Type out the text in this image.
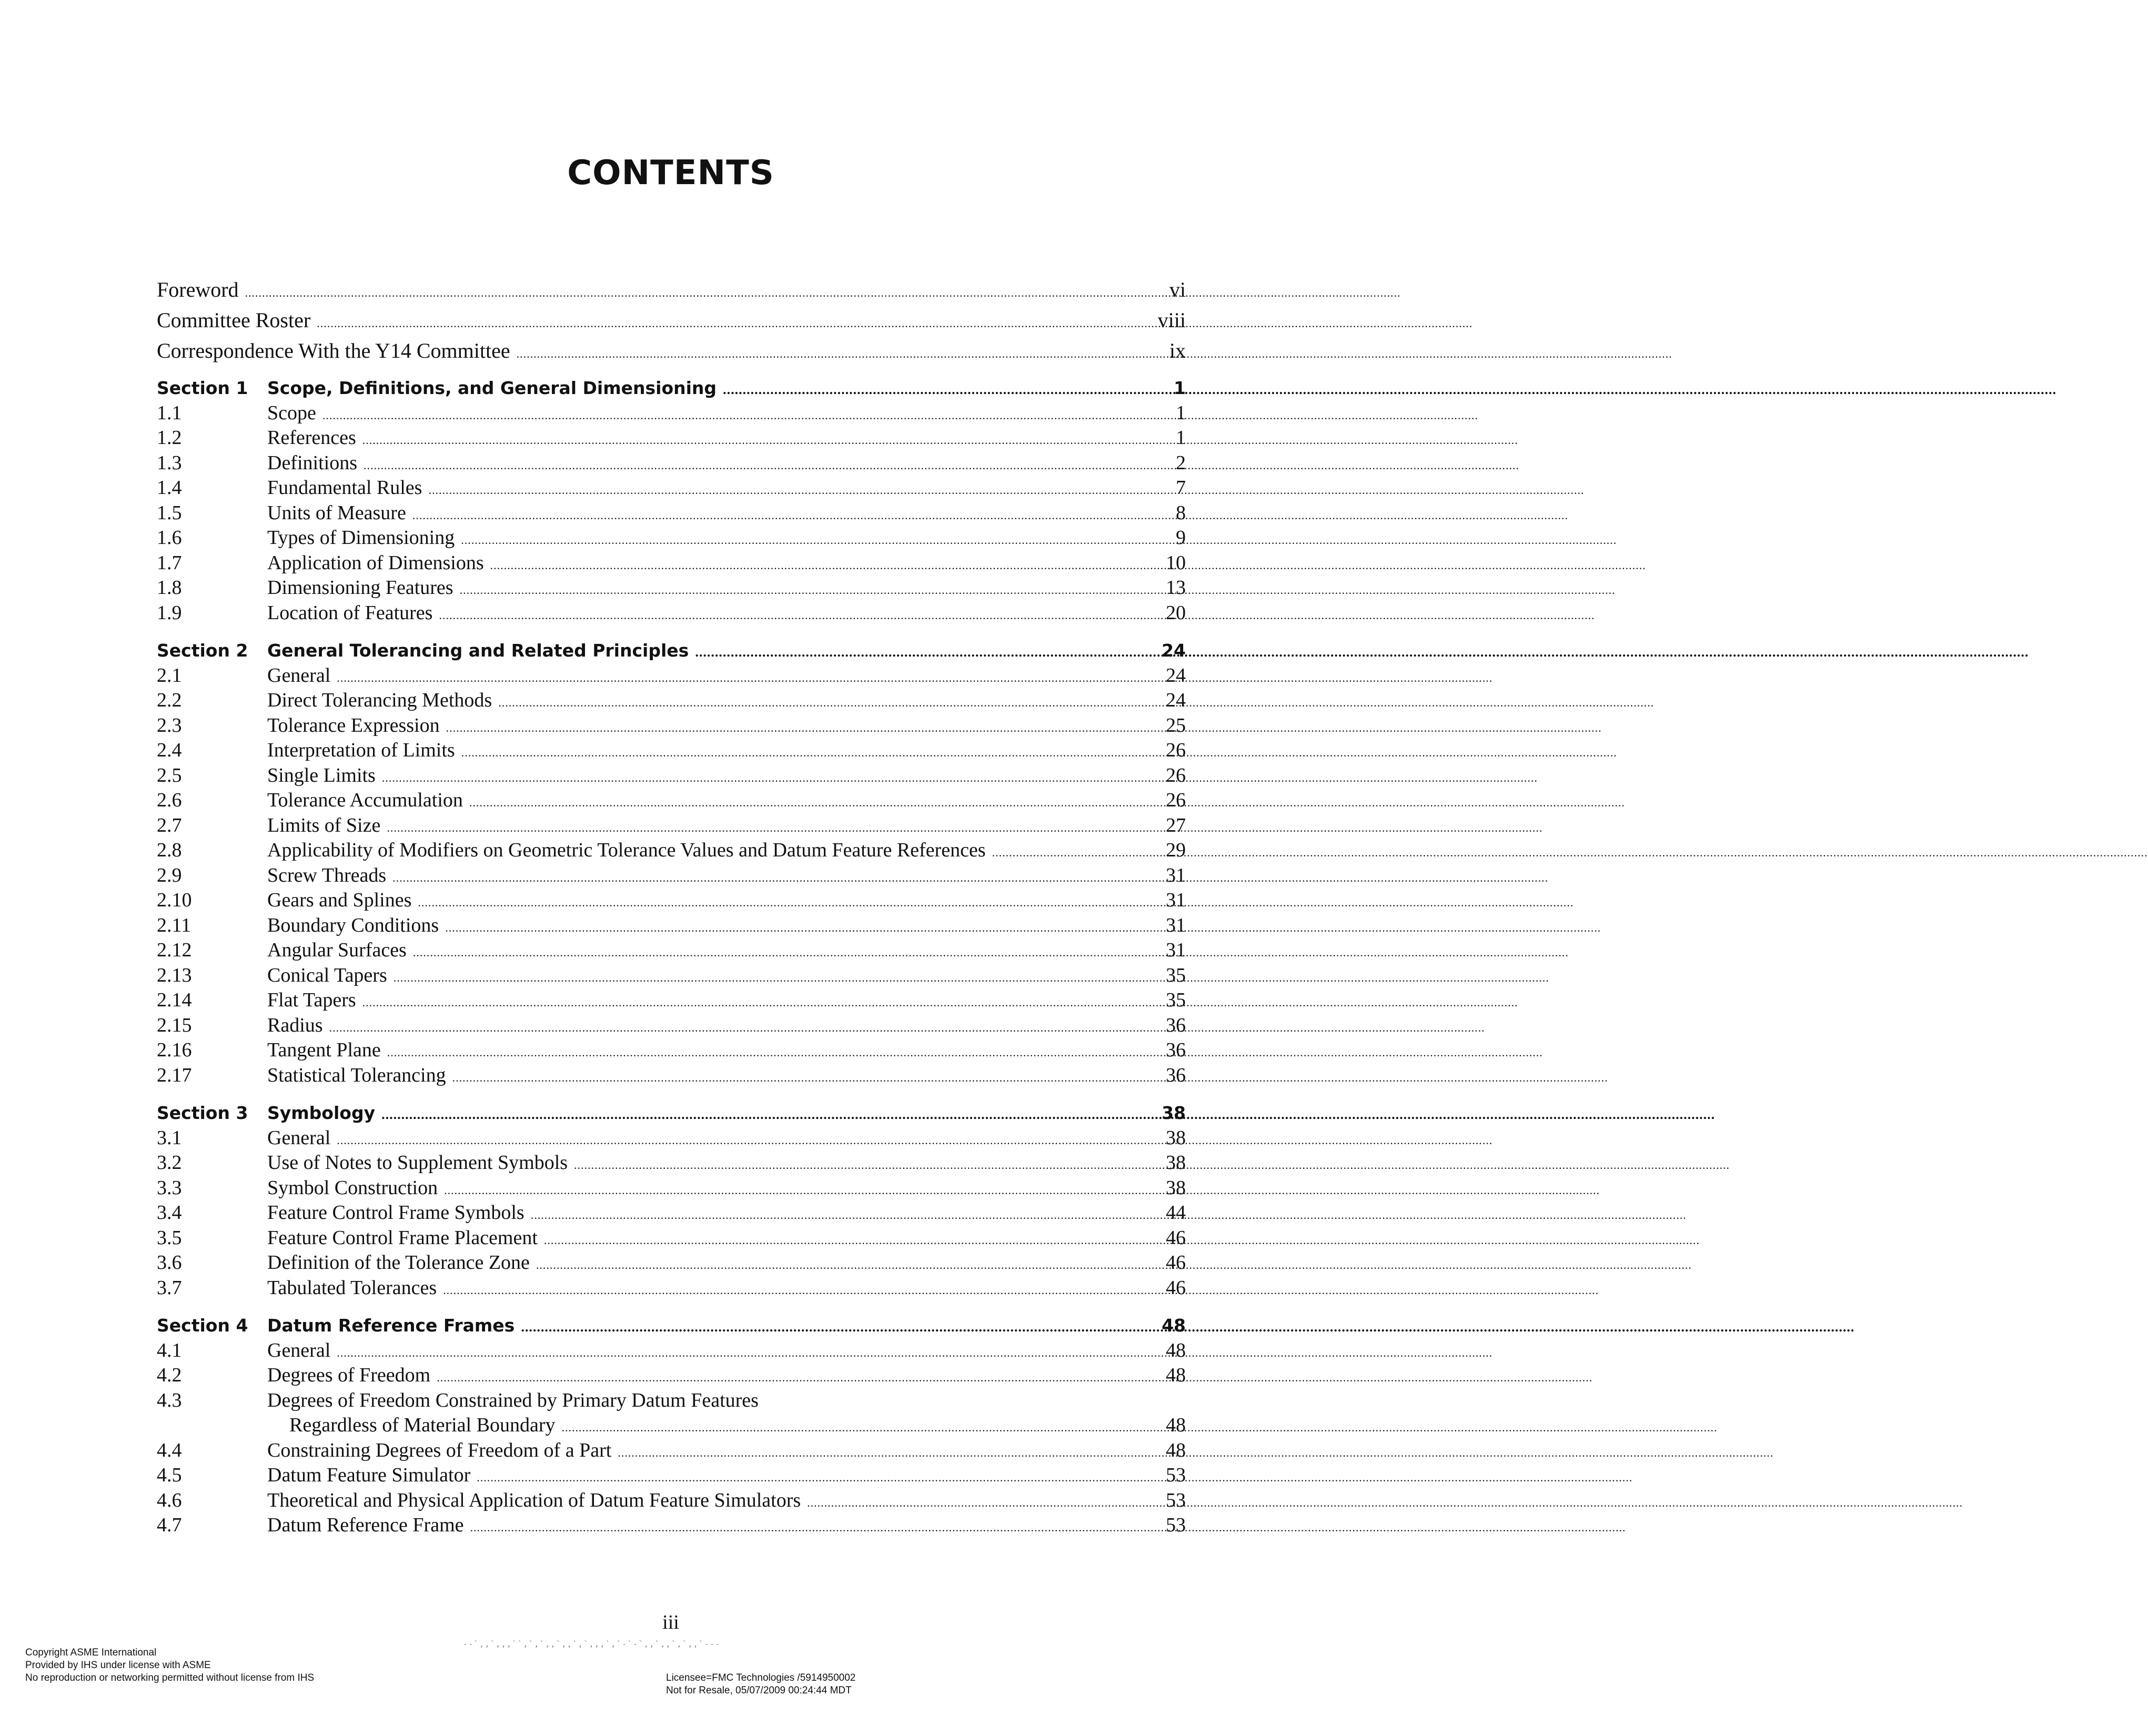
CONTENTS
Foreword .....	vi
Committee Roster .....	viii
Correspondence With the Y14 Committee .....	ix
Section 1 Scope, Definitions, and General Dimensioning .....	1
1.1	Scope .....	1
1.2	References .....	1
1.3	Definitions .....	2
1.4	Fundamental Rules .....	7
1.5	Units of Measure .....	8
1.6	Types of Dimensioning .....	9
1.7	Application of Dimensions .....	10
1.8	Dimensioning Features .....	13
1.9	Location of Features .....	20
Section 2 General Tolerancing and Related Principles .....	24
2.1	General .....	24
2.2	Direct Tolerancing Methods .....	24
2.3	Tolerance Expression .....	25
2.4	Interpretation of Limits .....	26
2.5	Single Limits .....	26
2.6	Tolerance Accumulation .....	26
2.7	Limits of Size .....	27
2.8	Applicability of Modifiers on Geometric Tolerance Values and Datum Feature References .....	29
2.9	Screw Threads .....	31
2.10	Gears and Splines .....	31
2.11	Boundary Conditions .....	31
2.12	Angular Surfaces .....	31
2.13	Conical Tapers .....	35
2.14	Flat Tapers .....	35
2.15	Radius .....	36
2.16	Tangent Plane .....	36
2.17	Statistical Tolerancing .....	36
Section 3 Symbology .....	38
3.1	General .....	38
3.2	Use of Notes to Supplement Symbols .....	38
3.3	Symbol Construction .....	38
3.4	Feature Control Frame Symbols .....	44
3.5	Feature Control Frame Placement .....	46
3.6	Definition of the Tolerance Zone .....	46
3.7	Tabulated Tolerances .....	46
Section 4 Datum Reference Frames .....	48
4.1	General .....	48
4.2	Degrees of Freedom .....	48
4.3	Degrees of Freedom Constrained by Primary Datum Features
Regardless of Material Boundary .....	48
4.4	Constraining Degrees of Freedom of a Part .....	48
4.5	Datum Feature Simulator .....	53
4.6	Theoretical and Physical Application of Datum Feature Simulators .....	53
4.7	Datum Reference Frame .....	53
iii
--`,,`,,,``,`,`,,`,,`,`,,,`,`-`-`,,`,,`,`,,`---
Copyright ASME International
Provided by IHS under license with ASME
No reproduction or networking permitted without license from IHS	Licensee=FMC Technologies /5914950002
Not for Resale, 05/07/2009 00:24:44 MDT
